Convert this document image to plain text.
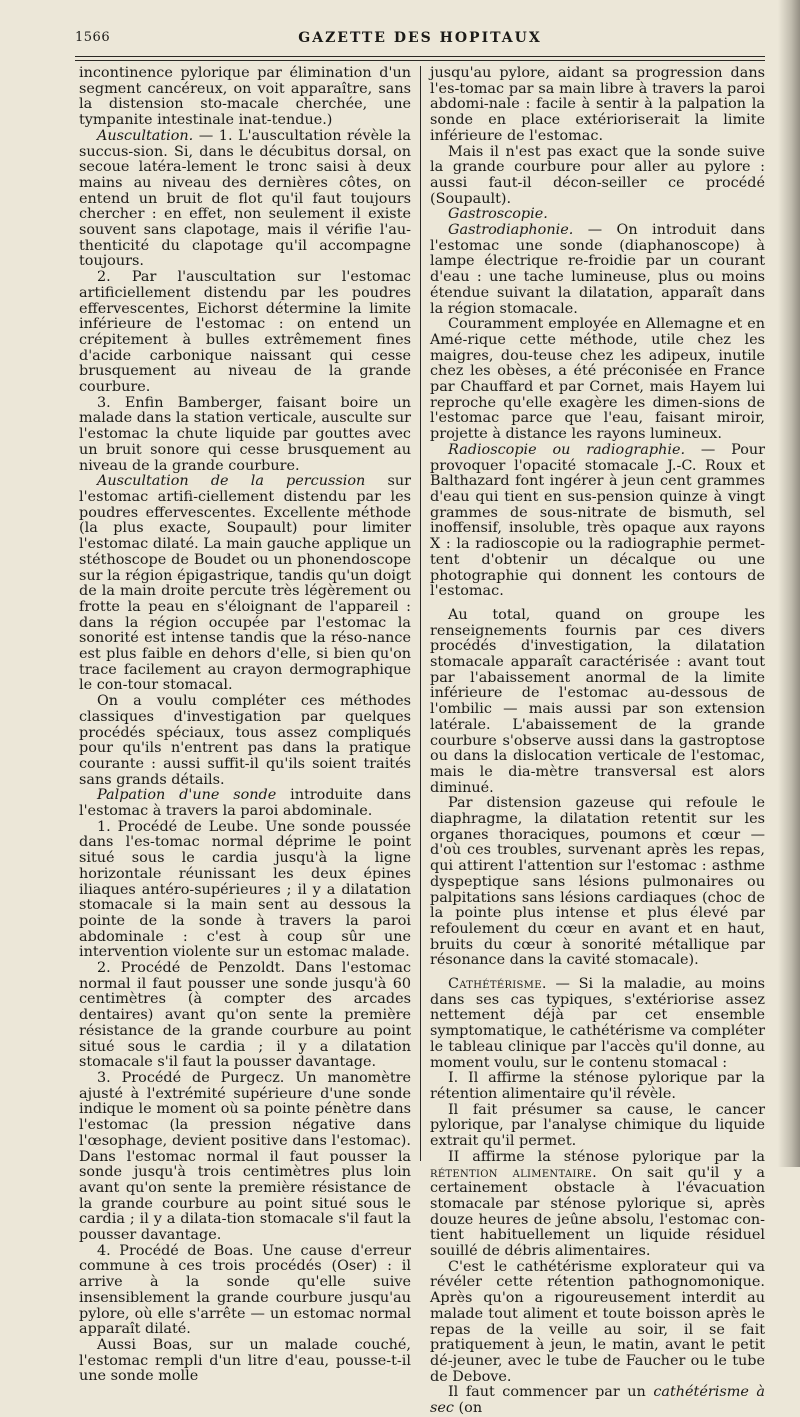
1566	GAZETTE DES HOPITAUX

incontinence pylorique par élimination d'un segment cancéreux, on voit apparaître, sans la distension sto-macale cherchée, une tympanite intestinale inat-tendue.)

Auscultation. — 1. L'auscultation révèle la succus-sion. Si, dans le décubitus dorsal, on secoue latéra-lement le tronc saisi à deux mains au niveau des dernières côtes, on entend un bruit de flot qu'il faut toujours chercher : en effet, non seulement il existe souvent sans clapotage, mais il vérifie l'au-thenticité du clapotage qu'il accompagne toujours.

2. Par l'auscultation sur l'estomac artificiellement distendu par les poudres effervescentes, Eichorst détermine la limite inférieure de l'estomac : on entend un crépitement à bulles extrêmement fines d'acide carbonique naissant qui cesse brusquement au niveau de la grande courbure.

3. Enfin Bamberger, faisant boire un malade dans la station verticale, ausculte sur l'estomac la chute liquide par gouttes avec un bruit sonore qui cesse brusquement au niveau de la grande courbure.

Auscultation de la percussion sur l'estomac artifi-ciellement distendu par les poudres effervescentes. Excellente méthode (la plus exacte, Soupault) pour limiter l'estomac dilaté. La main gauche applique un stéthoscope de Boudet ou un phonendoscope sur la région épigastrique, tandis qu'un doigt de la main droite percute très légèrement ou frotte la peau en s'éloignant de l'appareil : dans la région occupée par l'estomac la sonorité est intense tandis que la réso-nance est plus faible en dehors d'elle, si bien qu'on trace facilement au crayon dermographique le con-tour stomacal.

On a voulu compléter ces méthodes classiques d'investigation par quelques procédés spéciaux, tous assez compliqués pour qu'ils n'entrent pas dans la pratique courante : aussi suffit-il qu'ils soient traités sans grands détails.

Palpation d'une sonde introduite dans l'estomac à travers la paroi abdominale.

1. Procédé de Leube. Une sonde poussée dans l'es-tomac normal déprime le point situé sous le cardia jusqu'à la ligne horizontale réunissant les deux épines iliaques antéro-supérieures ; il y a dilatation stomacale si la main sent au dessous la pointe de la sonde à travers la paroi abdominale : c'est à coup sûr une intervention violente sur un estomac malade.

2. Procédé de Penzoldt. Dans l'estomac normal il faut pousser une sonde jusqu'à 60 centimètres (à compter des arcades dentaires) avant qu'on sente la première résistance de la grande courbure au point situé sous le cardia ; il y a dilatation stomacale s'il faut la pousser davantage.

3. Procédé de Purgecz. Un manomètre ajusté à l'extrémité supérieure d'une sonde indique le moment où sa pointe pénètre dans l'estomac (la pression négative dans l'œsophage, devient positive dans l'estomac). Dans l'estomac normal il faut pousser la sonde jusqu'à trois centimètres plus loin avant qu'on sente la première résistance de la grande courbure au point situé sous le cardia ; il y a dilata-tion stomacale s'il faut la pousser davantage.

4. Procédé de Boas. Une cause d'erreur commune à ces trois procédés (Oser) : il arrive à la sonde qu'elle suive insensiblement la grande courbure jusqu'au pylore, où elle s'arrête — un estomac normal apparaît dilaté.

Aussi Boas, sur un malade couché, l'estomac rempli d'un litre d'eau, pousse-t-il une sonde molle

jusqu'au pylore, aidant sa progression dans l'es-tomac par sa main libre à travers la paroi abdomi-nale : facile à sentir à la palpation la sonde en place extérioriserait la limite inférieure de l'estomac.

Mais il n'est pas exact que la sonde suive la grande courbure pour aller au pylore : aussi faut-il décon-seiller ce procédé (Soupault).

Gastroscopie.

Gastrodiaphonie. — On introduit dans l'estomac une sonde (diaphanoscope) à lampe électrique re-froidie par un courant d'eau : une tache lumineuse, plus ou moins étendue suivant la dilatation, apparaît dans la région stomacale.

Couramment employée en Allemagne et en Amé-rique cette méthode, utile chez les maigres, dou-teuse chez les adipeux, inutile chez les obèses, a été préconisée en France par Chauffard et par Cornet, mais Hayem lui reproche qu'elle exagère les dimen-sions de l'estomac parce que l'eau, faisant miroir, projette à distance les rayons lumineux.

Radioscopie ou radiographie. — Pour provoquer l'opacité stomacale J.-C. Roux et Balthazard font ingérer à jeun cent grammes d'eau qui tient en sus-pension quinze à vingt grammes de sous-nitrate de bismuth, sel inoffensif, insoluble, très opaque aux rayons X : la radioscopie ou la radiographie permet-tent d'obtenir un décalque ou une photographie qui donnent les contours de l'estomac.

Au total, quand on groupe les renseignements fournis par ces divers procédés d'investigation, la dilatation stomacale apparaît caractérisée : avant tout par l'abaissement anormal de la limite inférieure de l'estomac au-dessous de l'ombilic — mais aussi par son extension latérale. L'abaissement de la grande courbure s'observe aussi dans la gastroptose ou dans la dislocation verticale de l'estomac, mais le dia-mètre transversal est alors diminué.

Par distension gazeuse qui refoule le diaphragme, la dilatation retentit sur les organes thoraciques, poumons et cœur — d'où ces troubles, survenant après les repas, qui attirent l'attention sur l'estomac : asthme dyspeptique sans lésions pulmonaires ou palpitations sans lésions cardiaques (choc de la pointe plus intense et plus élevé par refoulement du cœur en avant et en haut, bruits du cœur à sonorité métallique par résonance dans la cavité stomacale).

Cathétérisme. — Si la maladie, au moins dans ses cas typiques, s'extériorise assez nettement déjà par cet ensemble symptomatique, le cathétérisme va compléter le tableau clinique par l'accès qu'il donne, au moment voulu, sur le contenu stomacal :

I. Il affirme la sténose pylorique par la rétention alimentaire qu'il révèle.

Il fait présumer sa cause, le cancer pylorique, par l'analyse chimique du liquide extrait qu'il permet.

II affirme la sténose pylorique par la rétention alimentaire. On sait qu'il y a certainement obstacle à l'évacuation stomacale par sténose pylorique si, après douze heures de jeûne absolu, l'estomac con-tient habituellement un liquide résiduel souillé de débris alimentaires.

C'est le cathétérisme explorateur qui va révéler cette rétention pathognomonique. Après qu'on a rigoureusement interdit au malade tout aliment et toute boisson après le repas de la veille au soir, il se fait pratiquement à jeun, le matin, avant le petit dé-jeuner, avec le tube de Faucher ou le tube de Debove.

Il faut commencer par un cathétérisme à sec (on
